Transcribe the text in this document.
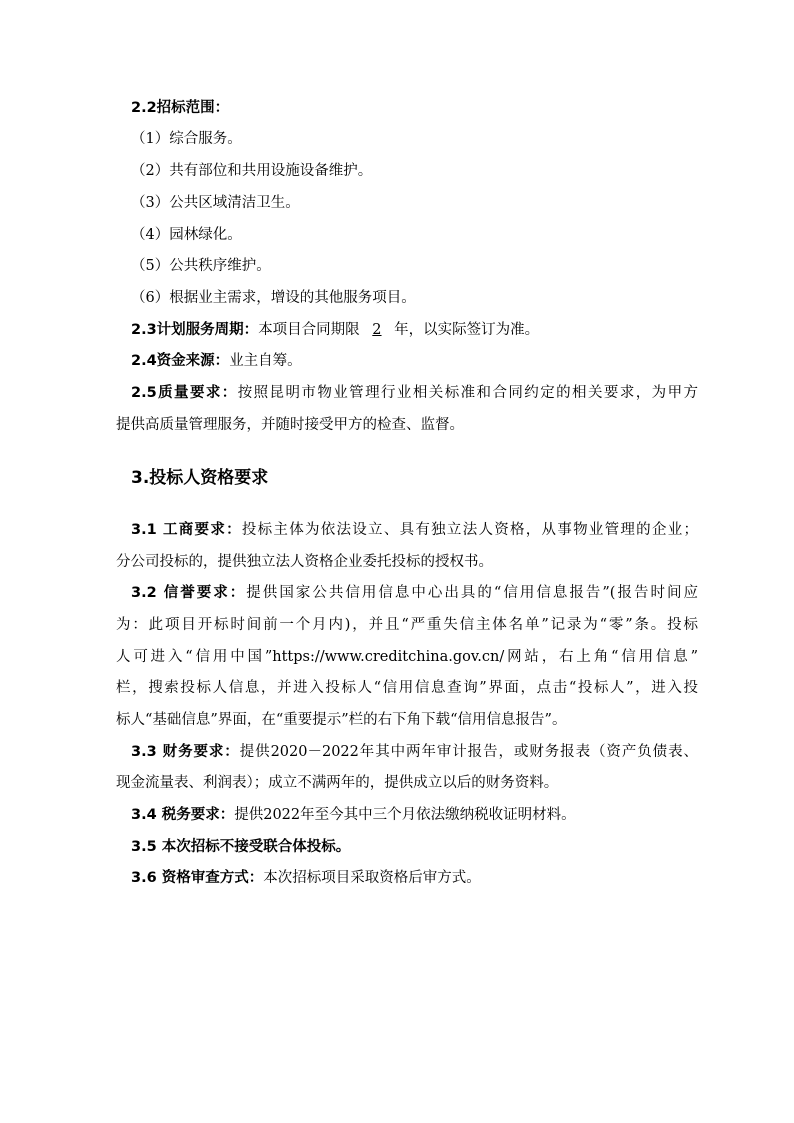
2.2招标范围：
（1）综合服务。
（2）共有部位和共用设施设备维护。
（3）公共区域清洁卫生。
（4）园林绿化。
（5）公共秩序维护。
（6）根据业主需求，增设的其他服务项目。
2.3计划服务周期：本项目合同期限 2 年，以实际签订为准。
2.4资金来源：业主自筹。
2.5质量要求：按照昆明市物业管理行业相关标准和合同约定的相关要求，为甲方
提供高质量管理服务，并随时接受甲方的检查、监督。
3.投标人资格要求
3.1 工商要求：投标主体为依法设立、具有独立法人资格，从事物业管理的企业；
分公司投标的，提供独立法人资格企业委托投标的授权书。
3.2 信誉要求：提供国家公共信用信息中心出具的“信用信息报告”(报告时间应
为：此项目开标时间前一个月内)，并且“严重失信主体名单”记录为“零”条。投标
人可进入“信用中国”https://www.creditchina.gov.cn/网站，右上角“信用信息”
栏，搜索投标人信息，并进入投标人“信用信息查询”界面，点击“投标人”，进入投
标人“基础信息”界面，在“重要提示”栏的右下角下载“信用信息报告”。
3.3 财务要求：提供2020－2022年其中两年审计报告，或财务报表（资产负债表、
现金流量表、利润表）；成立不满两年的，提供成立以后的财务资料。
3.4 税务要求：提供2022年至今其中三个月依法缴纳税收证明材料。
3.5 本次招标不接受联合体投标。
3.6 资格审查方式：本次招标项目采取资格后审方式。
